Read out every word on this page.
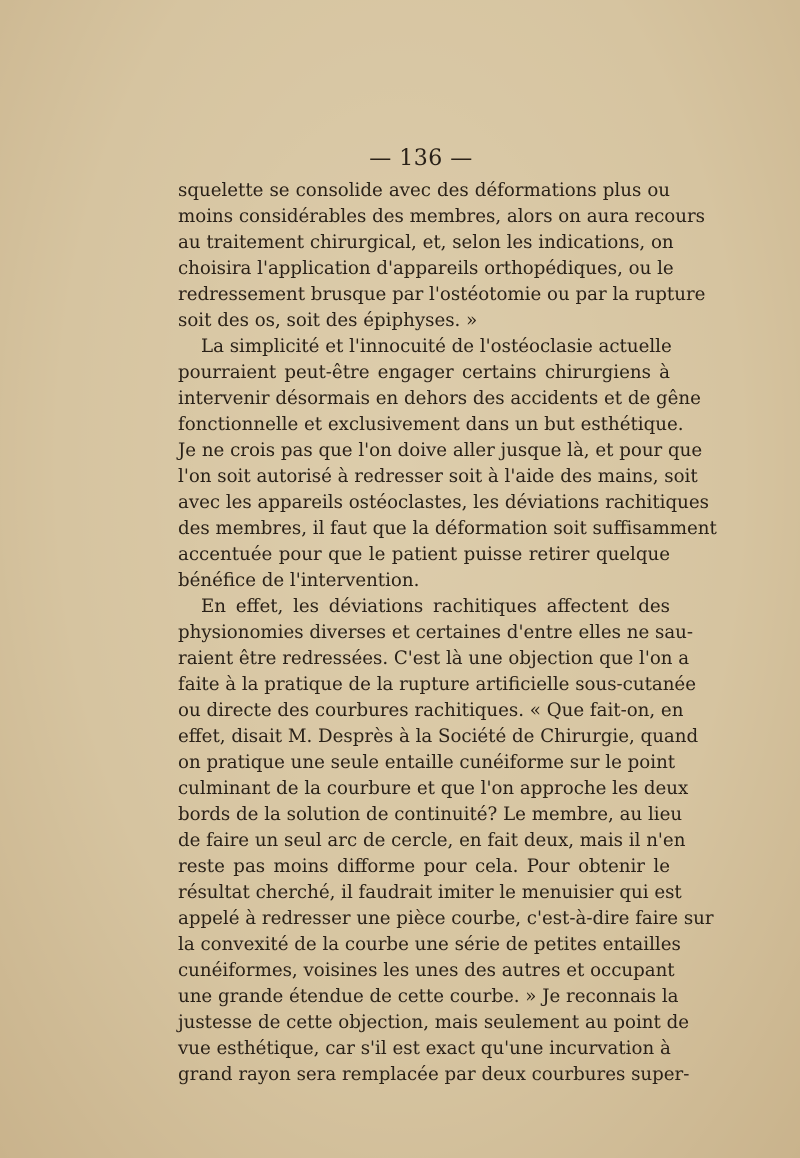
— 136 —
squelette se consolide avec des déformations plus ou
moins considérables des membres, alors on aura recours
au traitement chirurgical, et, selon les indications, on
choisira l'application d'appareils orthopédiques, ou le
redressement brusque par l'ostéotomie ou par la rupture
soit des os, soit des épiphyses. »
La simplicité et l'innocuité de l'ostéoclasie actuelle
pourraient peut-être engager certains chirurgiens à
intervenir désormais en dehors des accidents et de gêne
fonctionnelle et exclusivement dans un but esthétique.
Je ne crois pas que l'on doive aller jusque là, et pour que
l'on soit autorisé à redresser soit à l'aide des mains, soit
avec les appareils ostéoclastes, les déviations rachitiques
des membres, il faut que la déformation soit suffisamment
accentuée pour que le patient puisse retirer quelque
bénéfice de l'intervention.
En effet, les déviations rachitiques affectent des
physionomies diverses et certaines d'entre elles ne sau-
raient être redressées. C'est là une objection que l'on a
faite à la pratique de la rupture artificielle sous-cutanée
ou directe des courbures rachitiques. « Que fait-on, en
effet, disait M. Desprès à la Société de Chirurgie, quand
on pratique une seule entaille cunéiforme sur le point
culminant de la courbure et que l'on approche les deux
bords de la solution de continuité? Le membre, au lieu
de faire un seul arc de cercle, en fait deux, mais il n'en
reste pas moins difforme pour cela. Pour obtenir le
résultat cherché, il faudrait imiter le menuisier qui est
appelé à redresser une pièce courbe, c'est-à-dire faire sur
la convexité de la courbe une série de petites entailles
cunéiformes, voisines les unes des autres et occupant
une grande étendue de cette courbe. » Je reconnais la
justesse de cette objection, mais seulement au point de
vue esthétique, car s'il est exact qu'une incurvation à
grand rayon sera remplacée par deux courbures super-
